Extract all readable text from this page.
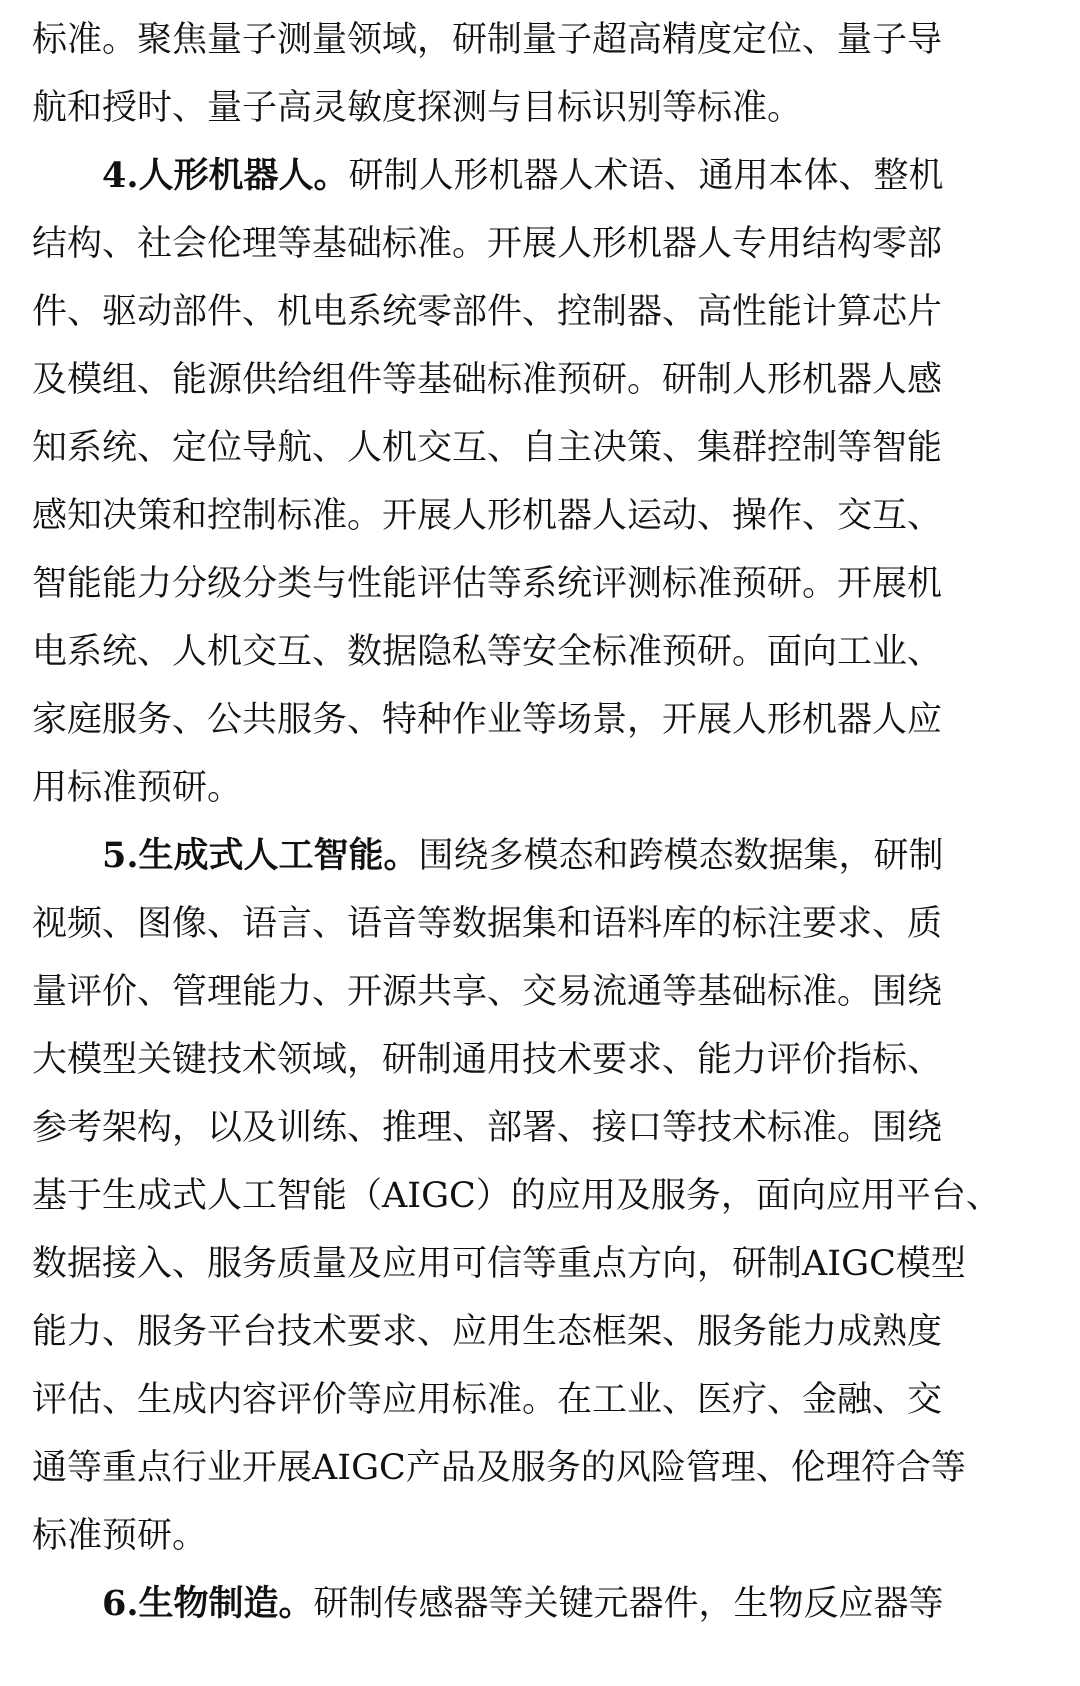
标准。聚焦量子测量领域，研制量子超高精度定位、量子导
航和授时、量子高灵敏度探测与目标识别等标准。
4.人形机器人。研制人形机器人术语、通用本体、整机
结构、社会伦理等基础标准。开展人形机器人专用结构零部
件、驱动部件、机电系统零部件、控制器、高性能计算芯片
及模组、能源供给组件等基础标准预研。研制人形机器人感
知系统、定位导航、人机交互、自主决策、集群控制等智能
感知决策和控制标准。开展人形机器人运动、操作、交互、
智能能力分级分类与性能评估等系统评测标准预研。开展机
电系统、人机交互、数据隐私等安全标准预研。面向工业、
家庭服务、公共服务、特种作业等场景，开展人形机器人应
用标准预研。
5.生成式人工智能。围绕多模态和跨模态数据集，研制
视频、图像、语言、语音等数据集和语料库的标注要求、质
量评价、管理能力、开源共享、交易流通等基础标准。围绕
大模型关键技术领域，研制通用技术要求、能力评价指标、
参考架构，以及训练、推理、部署、接口等技术标准。围绕
基于生成式人工智能（AIGC）的应用及服务，面向应用平台、
数据接入、服务质量及应用可信等重点方向，研制AIGC模型
能力、服务平台技术要求、应用生态框架、服务能力成熟度
评估、生成内容评价等应用标准。在工业、医疗、金融、交
通等重点行业开展AIGC产品及服务的风险管理、伦理符合等
标准预研。
6.生物制造。研制传感器等关键元器件，生物反应器等
